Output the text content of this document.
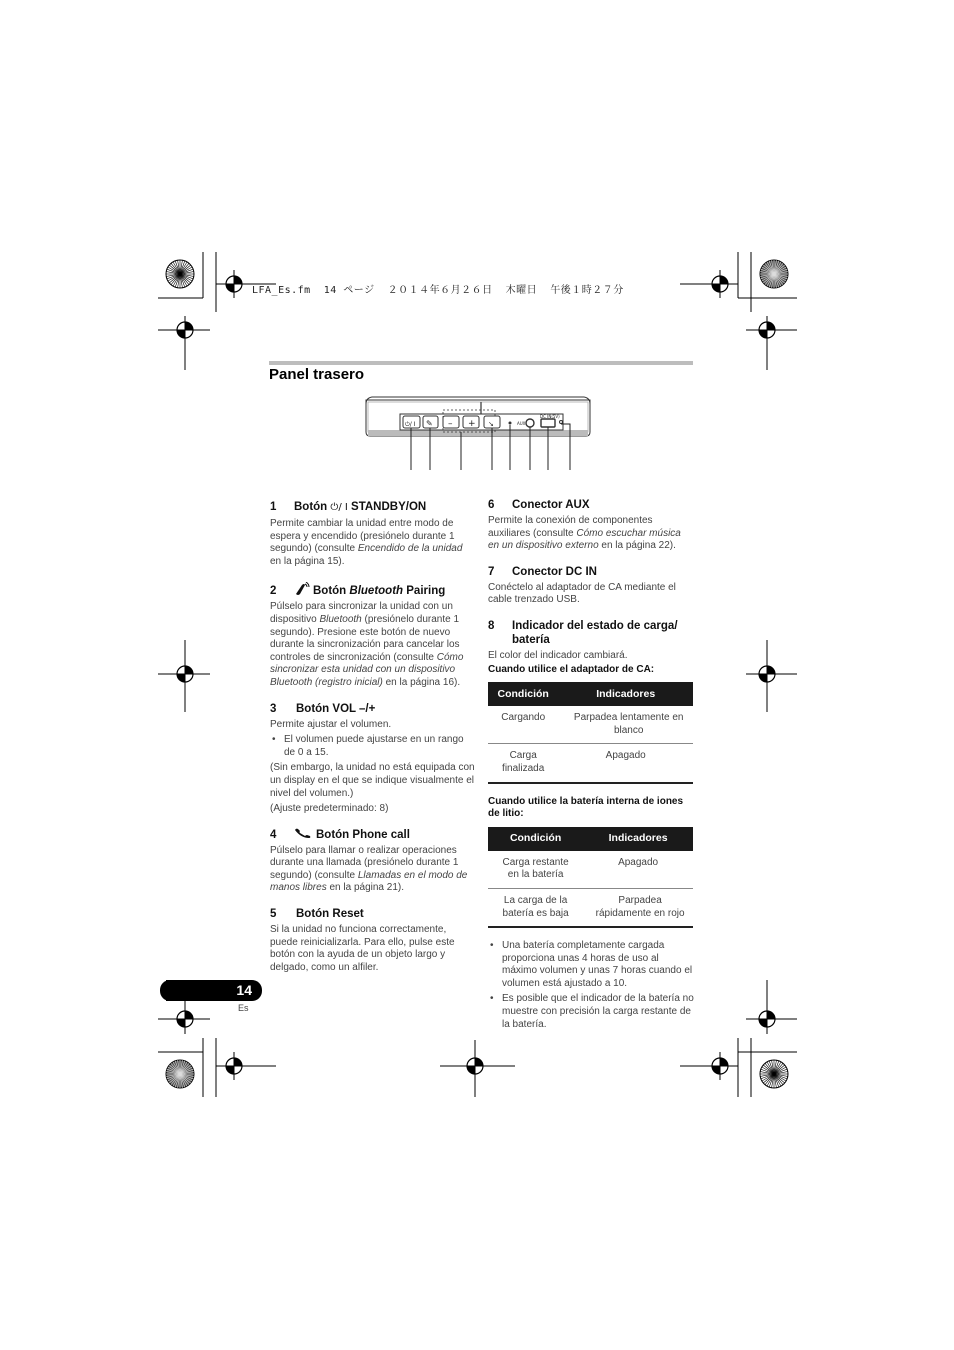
LFA_Es.fm  14 ページ  ２０１４年６月２６日  木曜日  午後１時２７分
Panel trasero
⏻/ I ✎ – + ↘	AUX
DC IN(5V)
1 2	3	4 5 6 7 8
1 Botón ⏻/ I STANDBY/ON

Permite cambiar la unidad entre modo de espera y encendido (presiónelo durante 1 segundo) (consulte Encendido de la unidad en la página 15).

2	Botón Bluetooth Pairing

Púlselo para sincronizar la unidad con un dispositivo Bluetooth (presiónelo durante 1 segundo). Presione este botón de nuevo durante la sincronización para cancelar los controles de sincronización (consulte Cómo sincronizar esta unidad con un dispositivo Bluetooth (registro inicial) en la página 16).

3 Botón VOL –/+

Permite ajustar el volumen.

• El volumen puede ajustarse en un rango de 0 a 15.

(Sin embargo, la unidad no está equipada con un display en el que se indique visualmente el nivel del volumen.)

(Ajuste predeterminado: 8)

4	Botón Phone call

Púlselo para llamar o realizar operaciones durante una llamada (presiónelo durante 1 segundo) (consulte Llamadas en el modo de manos libres en la página 21).

5 Botón Reset

Si la unidad no funciona correctamente, puede reinicializarla. Para ello, pulse este botón con la ayuda de un objeto largo y delgado, como un alfiler.

6 Conector AUX

Permite la conexión de componentes auxiliares (consulte Cómo escuchar música en un dispositivo externo en la página 22).

7 Conector DC IN

Conéctelo al adaptador de CA mediante el cable trenzado USB.

8	Indicador del estado de carga/ batería

El color del indicador cambiará.

Cuando utilice el adaptador de CA:
Condición	Indicadores
Cargando	Parpadea lentamente en blanco
Carga finalizada	Apagado
Cuando utilice la batería interna de iones de litio:
Condición	Indicadores
Carga restante en la batería	Apagado
La carga de la batería es baja	Parpadea rápidamente en rojo
• Una batería completamente cargada proporciona unas 4 horas de uso al máximo volumen y unas 7 horas cuando el volumen está ajustado a 10.
• Es posible que el indicador de la batería no muestre con precisión la carga restante de la batería.
14
Es
